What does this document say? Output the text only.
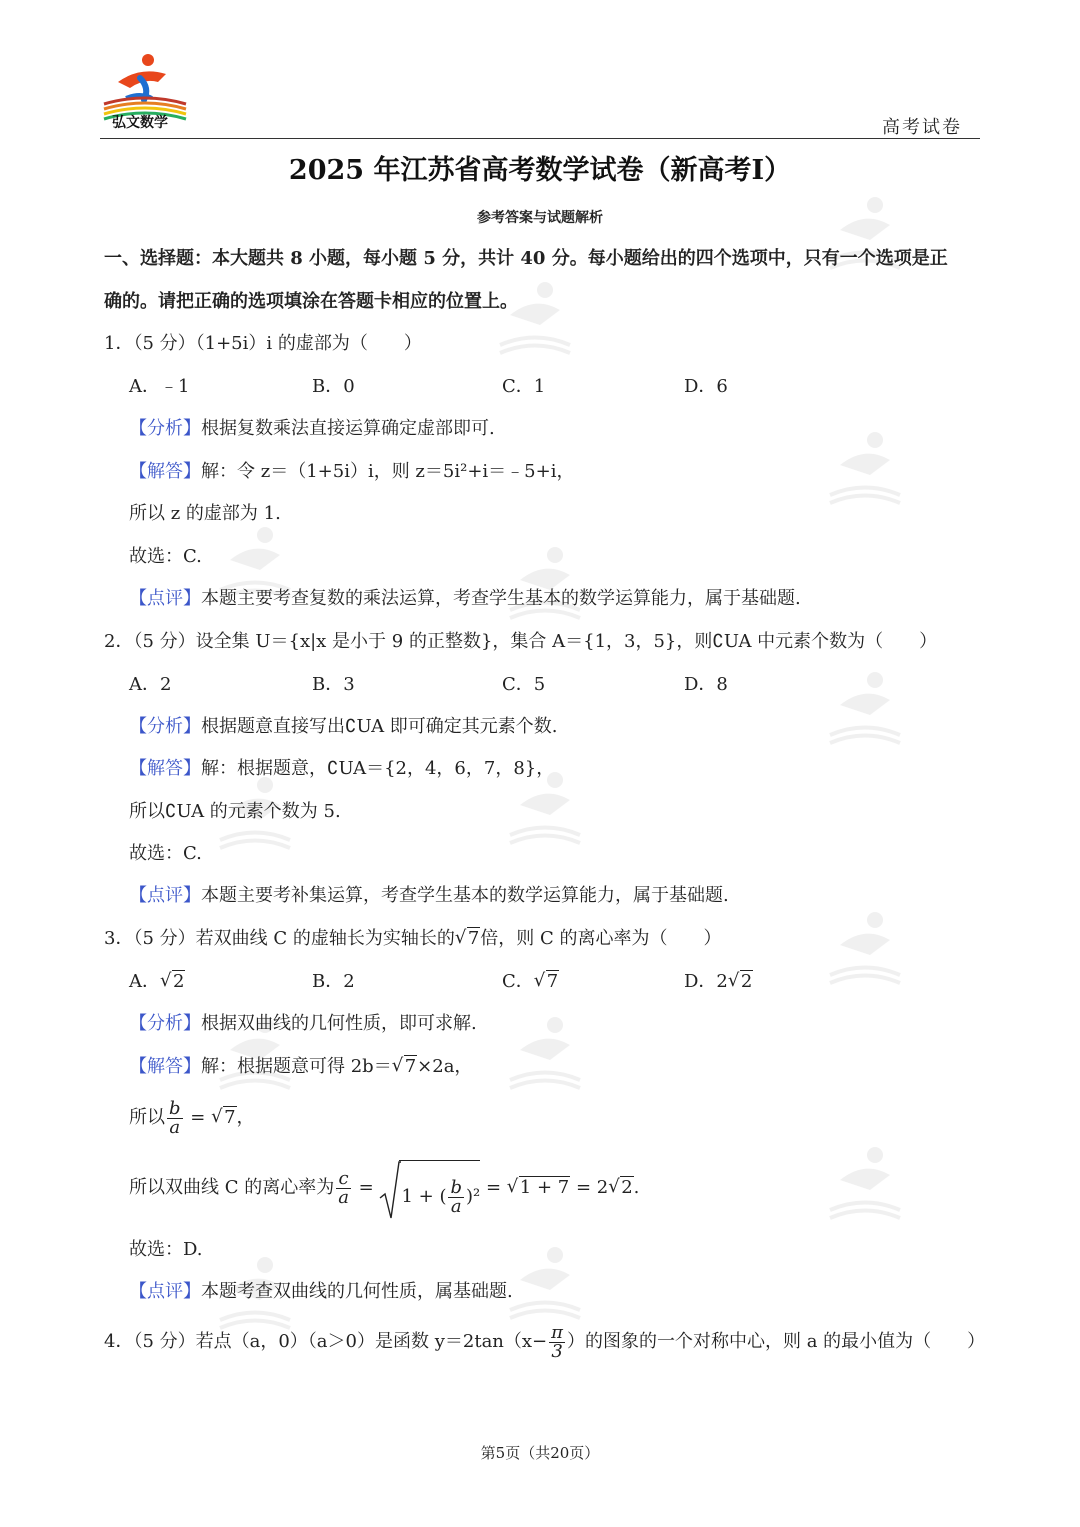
弘文数学	高考试卷
2025 年江苏省高考数学试卷（新高考Ⅰ）
参考答案与试题解析
一、选择题：本大题共 8 小题，每小题 5 分，共计 40 分。每小题给出的四个选项中，只有一个选项是正
确的。请把正确的选项填涂在答题卡相应的位置上。
1．（5 分）（1+5i）i 的虚部为（　　）
A．﹣1	B．0	C．1	D．6
【分析】根据复数乘法直接运算确定虚部即可.
【解答】解：令 z＝（1+5i）i，则 z＝5i²+i＝﹣5+i，
所以 z 的虚部为 1.
故选：C.
【点评】本题主要考查复数的乘法运算，考查学生基本的数学运算能力，属于基础题.
2．（5 分）设全集 U＝{x|x 是小于 9 的正整数}，集合 A＝{1，3，5}，则∁UA 中元素个数为（　　）
A．2	B．3	C．5	D．8
【分析】根据题意直接写出∁UA 即可确定其元素个数.
【解答】解：根据题意，∁UA＝{2，4，6，7，8}，
所以∁UA 的元素个数为 5.
故选：C.
【点评】本题主要考补集运算，考查学生基本的数学运算能力，属于基础题.
3．（5 分）若双曲线 C 的虚轴长为实轴长的 √ 7倍，则 C 的离心率为（　　）
A． √ 2	B．2	C． √ 7	D．2 √ 2
【分析】根据双曲线的几何性质，即可求解.
【解答】解：根据题意可得 2b＝ √ 7×2a，
所以 $\frac{b}{a}$ = √ 7，
所以双曲线 C 的离心率为 $\frac{c}{a}$ =
1 + ( $\frac{b}{a} )^2$ = √ 1 + 7 = 2 √ 2.
故选：D.
【点评】本题考查双曲线的几何性质，属基础题.
4．（5 分）若点（a，0）（a＞0）是函数 $y=2\tan(x- \frac{\pi}{3}$ ）的图象的一个对称中心，则 a 的最小值为（　　）
第5页（共20页）
